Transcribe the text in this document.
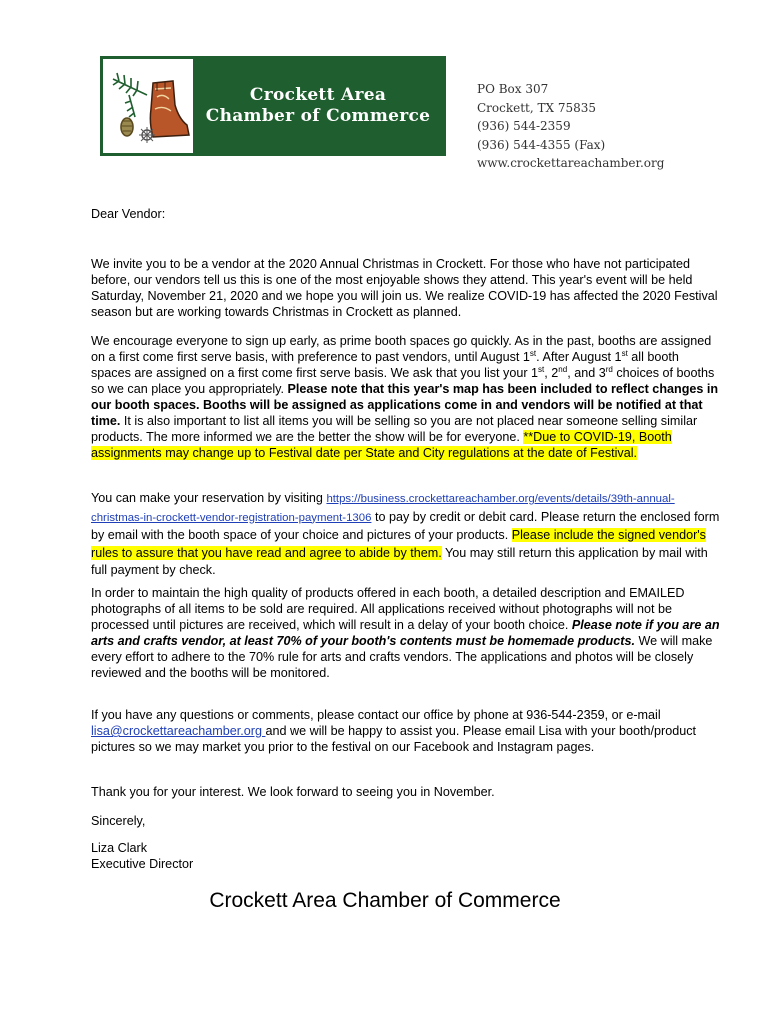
Crockett Area
Chamber of Commerce
PO Box 307
Crockett, TX 75835
(936) 544-2359
(936) 544-4355 (Fax)
www.crockettareachamber.org
Dear Vendor:
We invite you to be a vendor at the 2020 Annual Christmas in Crockett. For those who have not participated before, our vendors tell us this is one of the most enjoyable shows they attend. This year's event will be held Saturday, November 21, 2020 and we hope you will join us. We realize COVID-19 has affected the 2020 Festival season but are working towards Christmas in Crockett as planned.
We encourage everyone to sign up early, as prime booth spaces go quickly. As in the past, booths are assigned on a first come first serve basis, with preference to past vendors, until August 1st. After August 1st all booth spaces are assigned on a first come first serve basis. We ask that you list your 1st, 2nd, and 3rd choices of booths so we can place you appropriately. Please note that this year's map has been included to reflect changes in our booth spaces. Booths will be assigned as applications come in and vendors will be notified at that time. It is also important to list all items you will be selling so you are not placed near someone selling similar products. The more informed we are the better the show will be for everyone. **Due to COVID-19, Booth assignments may change up to Festival date per State and City regulations at the date of Festival.
You can make your reservation by visiting https://business.crockettareachamber.org/events/details/39th-annual-christmas-in-crockett-vendor-registration-payment-1306 to pay by credit or debit card. Please return the enclosed form by email with the booth space of your choice and pictures of your products. Please include the signed vendor's rules to assure that you have read and agree to abide by them. You may still return this application by mail with full payment by check.
In order to maintain the high quality of products offered in each booth, a detailed description and EMAILED photographs of all items to be sold are required. All applications received without photographs will not be processed until pictures are received, which will result in a delay of your booth choice. Please note if you are an arts and crafts vendor, at least 70% of your booth's contents must be homemade products. We will make every effort to adhere to the 70% rule for arts and crafts vendors. The applications and photos will be closely reviewed and the booths will be monitored.
If you have any questions or comments, please contact our office by phone at 936-544-2359, or e-mail lisa@crockettareachamber.org and we will be happy to assist you. Please email Lisa with your booth/product pictures so we may market you prior to the festival on our Facebook and Instagram pages.
Thank you for your interest. We look forward to seeing you in November.
Sincerely,
Liza Clark
Executive Director
Crockett Area Chamber of Commerce
